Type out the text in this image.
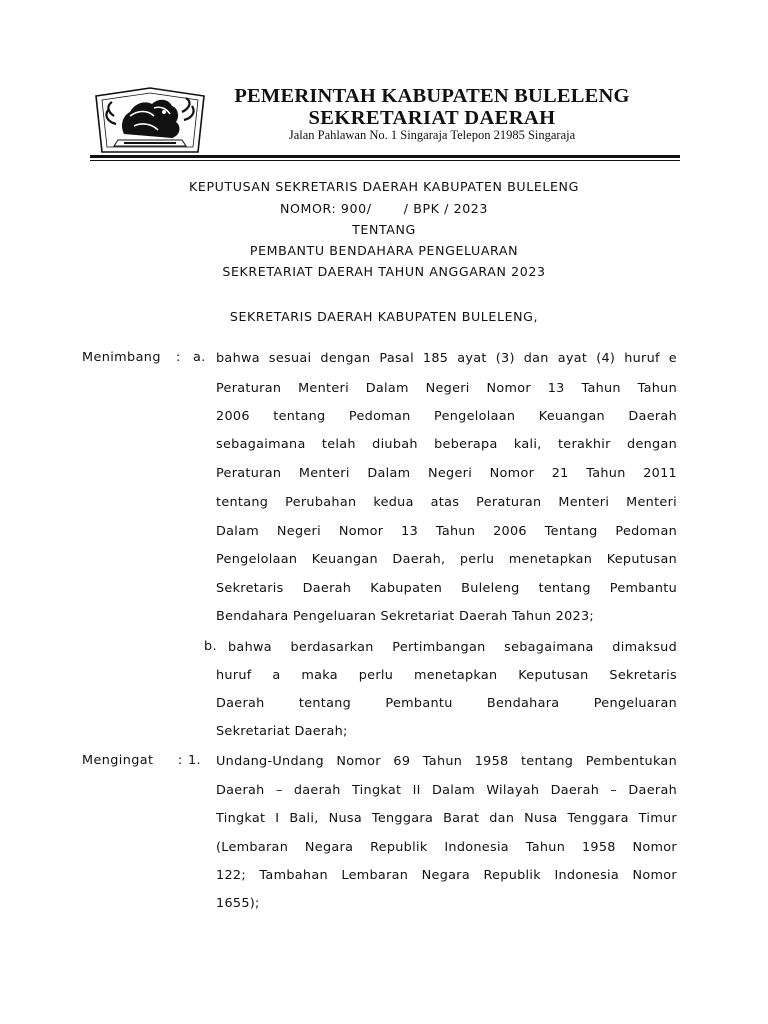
PEMERINTAH KABUPATEN BULELENG
SEKRETARIAT DAERAH
Jalan Pahlawan No. 1 Singaraja Telepon 21985 Singaraja
KEPUTUSAN SEKRETARIS DAERAH KABUPATEN BULELENG
NOMOR: 900/       / BPK / 2023
TENTANG
PEMBANTU BENDAHARA PENGELUARAN
SEKRETARIAT DAERAH TAHUN ANGGARAN 2023
SEKRETARIS DAERAH KABUPATEN BULELENG,
Menimbang : a. bahwa sesuai dengan Pasal 185 ayat (3) dan ayat (4) huruf e
Peraturan Menteri Dalam Negeri Nomor 13 Tahun Tahun
2006 tentang Pedoman Pengelolaan Keuangan Daerah
sebagaimana telah diubah beberapa kali, terakhir dengan
Peraturan Menteri Dalam Negeri Nomor 21 Tahun 2011
tentang Perubahan kedua atas Peraturan Menteri Menteri
Dalam Negeri Nomor 13 Tahun 2006 Tentang Pedoman
Pengelolaan Keuangan Daerah, perlu menetapkan Keputusan
Sekretaris Daerah Kabupaten Buleleng tentang Pembantu
Bendahara Pengeluaran Sekretariat Daerah Tahun 2023;
b. bahwa berdasarkan Pertimbangan sebagaimana dimaksud
huruf a maka perlu menetapkan Keputusan Sekretaris
Daerah tentang Pembantu Bendahara Pengeluaran
Sekretariat Daerah;
Mengingat : 1. Undang-Undang Nomor 69 Tahun 1958 tentang Pembentukan
Daerah – daerah Tingkat II Dalam Wilayah Daerah – Daerah
Tingkat I Bali, Nusa Tenggara Barat dan Nusa Tenggara Timur
(Lembaran Negara Republik Indonesia Tahun 1958 Nomor
122; Tambahan Lembaran Negara Republik Indonesia Nomor
1655);
